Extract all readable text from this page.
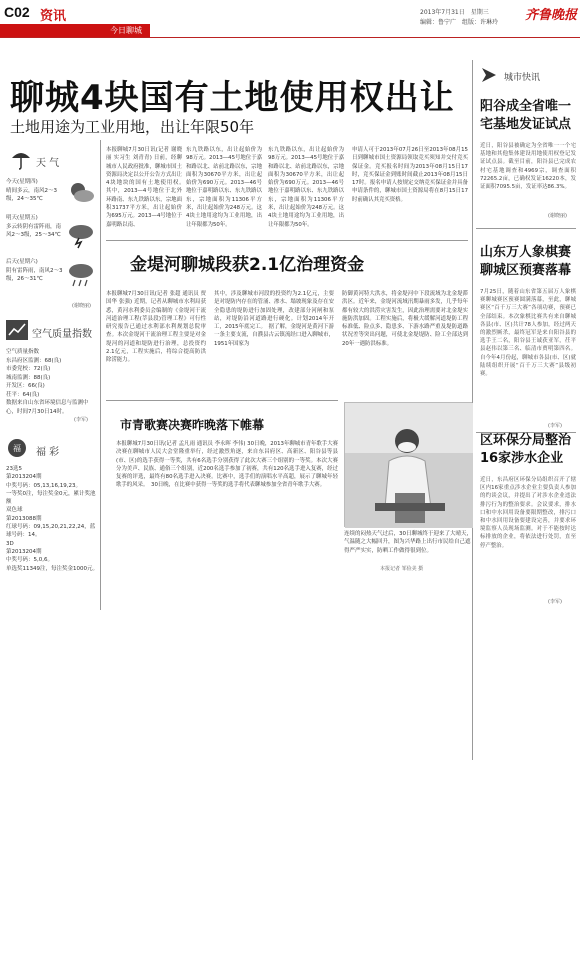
C02 资讯
今日聊城
2013年7月31日　星期三
编辑：鲁宁广　组版：许琳玲 齐鲁晚报
聊城4块国有土地使用权出让
土地用途为工业用地，出让年限50年
城市快讯
阳谷成全省唯一宅基地发证试点
近日，阳谷县被确定为全省唯一一个宅基地和其他集体建设用地使用权登记发证试点县。截至目前，阳谷县已完成农村宅基地调查和4969宗，调查面积72265.2亩，已确权发证16220本，发证面积7095.5亩，发证率达86.3%。
(谢晓丽)
山东万人象棋赛聊城区预赛落幕
7月25日，随着山东省第五届万人象棋赛聊城赛区预赛圆满落幕，至此，聊城赛区“百千万三大赛”各项功赛，预赛已全部结束。本次象棋比赛共有来自聊城各县(市、区)共计78人参加，经过两天的激烈厮杀，最终冠军是来自阳谷县的选手王二名，阳谷县王诚获亚军，茌平县赵伟以第三名、临清市贾明第四名。自今年4月份起，聊城市各县(市、区)就陆续组织开展“百千万三大赛”县级初赛。
(李军)
区环保分局整治16家涉水企业
近日，东昌府区环保分局组织召开了辖区内16家重点涉水企业主要负责人参加的约谈会议，并提出了对涉水企业违法排污行为的整治要求。会议要求，排水口和中水回用设备要限期整改，排污口和中水回用设备要建设完善，并要求环境监察人员现场监测。对于不能按时达标排放的企业，将依法进行处罚，直至停产整治。
(李军)
天 气
今天(星期四)
晴间多云，南风2～3级，24～35℃
明天(星期五)
多云转阴有雷阵雨，南风2～3级，25～34℃
后天(星期六)
阴有雷阵雨，南风2～3级，26～31℃
(谢晓丽)
空气质量指数
空气质量指数
东昌府区监测：68(良)
市委党校：72(良)
城南监测：88(良)
开发区：66(良)
茌平：64(良)
数据来自山东省环境信息与监测中心，时间7月30日14时。
(李军)
福 福 彩
23选5
第2013204期
中奖号码：05,13,16,19,23。
一等奖0注，每注奖金0元，累计奖池额
双色球
第2013088期
红球号码：09,15,20,21,22,24，蓝球号码：14。
3D
第2013204期
中奖号码：5,0,6。
单选奖11349注，每注奖金1000元。
本报聊城7月30日讯(记者 谢晓丽 实习生 刘青青) 日前，经聊城市人民政府批准，聊城市国土资源局决定以公开公告方式出让4块地块的国有土地使用权。　其中，2013—4号地位于北外环路南、东九铁路以东，宗地面积31737平方米，出让起始价为695万元。2013—4号地位于嘉明路以南、
东九铁路以东，出让起始价为98万元。2013—45号地位于嘉和路以北、站前北路以东，宗地面积为30670平方米，出让起始价为690万元。2013—46号地位于嘉明路以东、东九铁路以东，宗地面积为11306平方米，出让起始价为248万元。这4块土地用途均为工业用地，出让年限都为50年。
东九铁路以东，出让起始价为98万元。2013—45号地位于嘉和路以北、站前北路以东，宗地面积为30670平方米，出让起始价为690万元。2013—46号地位于嘉明路以东、东九铁路以东，宗地面积为11306平方米，出让起始价为248万元。这4块土地用途均为工业用地，出让年限都为50年。
申请人可于2013年07月26日至2013年08月15日到聊城市国土资源局领取竞买须知并交付竞买保证金。竞买报名时间为2013年08月15日17时，竞买保证金到账时间截止2013年08月15日17时。报名申请人按规定交纳竞买保证金并具备申请条件的，聊城市国土资源局将在8月15日17时前确认其竞买资格。
金堤河聊城段获2.1亿治理资金
本报聊城7月30日讯(记者 张超 通讯员 贾国华 张强) 近期，记者从聊城市水利局获悉，黄河水利委员会编制的《金堤河干流河道治理工程(莘县段)管理工程》可行性研究报告已通过水利部水利规划总院审查。本次金堤河干流治理工程主要是对金堤河的河道和堤防进行治理，总投资约2.1亿元，工程实施后，将综合提高防洪除涝能力。
其中，涉及聊城市河段的投资约为2.1亿元，主要是对堤防内存在的管涌、渗水、塌坡现象及存在安全隐患的堤防进行加固处理，改建部分河闸和泵站，对堤防沿河道路进行硬化。计划2014年开工，2015年底完工。　据了解，金堤河是黄河下游一条主要支流，自濮县古云镇流经口进入聊城市，1951年国家为
防御黄河特大洪水，将金堤河中下段流域为北金堤滞洪区。近年来，金堤河流域汛期暴雨多发，几乎每年都有较大的洪涝灾害发生，因此治理需要对北金堤实施防洪加固。工程实施后，将极大缓解河道堤防工程标准低、险点多、隐患多、下游水路严重及堤防道路状况差等突出问题，可使北金堤堤防、险工全部达到20年一遇防洪标准。
市青歌赛决赛昨晚落下帷幕
本报聊城7月30日讯(记者 孟凡雨 通讯员 李永晖 李伟) 30日晚，2013年聊城市青年歌手大赛决赛在聊城市人民大会堂隆重举行，经过激烈角逐，来自东昌府区、高新区、阳谷县等县(市、区)的选手获得一等奖，共有6名选手分别获得了此次大赛三个组别的一等奖。本次大赛分为美声、民族、通俗三个组别，近200名选手参加了初赛，共有120名选手进入复赛，经过复赛的评选，最终有80名选手进入决赛。比赛中，选手们的演唱水平高超，展示了聊城年轻歌手的风采。　30日晚，在比赛中获得一等奖的选手将代表聊城参加全省青年歌手大赛。
连续的闷热天气过后，30日聊城终于迎来了大晴天，气温随之大幅回升，图为兴华路上出行市民给自己遮得严严实实，防晒工作做得很到位。
本报记者 邹俭美 摄
